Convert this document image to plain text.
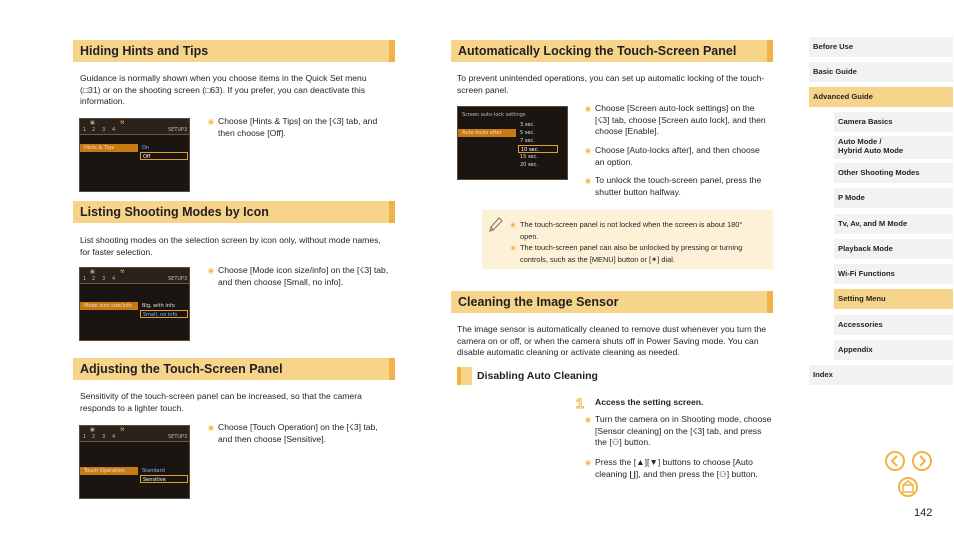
Hiding Hints and Tips
Guidance is normally shown when you choose items in the Quick Set menu (□31) or on the shooting screen (□63). If you prefer, you can deactivate this information.
▣	⚒
1 2 3 4	SETUP3
Hints & Tips	On
Off
Choose [Hints & Tips] on the [☇3] tab, and then choose [Off].
Listing Shooting Modes by Icon
List shooting modes on the selection screen by icon only, without mode names, for faster selection.
▣	⚒
1 2 3 4	SETUP3
Mode icon size/info	Big, with info
Small, no info
Choose [Mode icon size/info] on the [☇3] tab, and then choose [Small, no info].
Adjusting the Touch-Screen Panel
Sensitivity of the touch-screen panel can be increased, so that the camera responds to a lighter touch.
▣	⚒
1 2 3 4	SETUP3
Touch Operation	Standard
Sensitive
Choose [Touch Operation] on the [☇3] tab, and then choose [Sensitive].
Automatically Locking the Touch-Screen Panel
To prevent unintended operations, you can set up automatic locking of the touch-screen panel.
Screen auto-lock settings
Auto-locks after
3 sec.
5 sec.
7 sec.
10 sec.
15 sec.
20 sec.
Choose [Screen auto-lock settings] on the [☇3] tab, choose [Screen auto lock], and then choose [Enable].
Choose [Auto-locks after], and then choose an option.
To unlock the touch-screen panel, press the shutter button halfway.
The touch-screen panel is not locked when the screen is about 180° open.
The touch-screen panel can also be unlocked by pressing or turning controls, such as the [MENU] button or [✶] dial.
Cleaning the Image Sensor
The image sensor is automatically cleaned to remove dust whenever you turn the camera on or off, or when the camera shuts off in Power Saving mode. You can disable automatic cleaning or activate cleaning as needed.
Disabling Auto Cleaning
1 Access the setting screen.
Turn the camera on in Shooting mode, choose [Sensor cleaning] on the [☇3] tab, and press the [⚇] button.
Press the [▲][▼] buttons to choose [Auto cleaning ∐], and then press the [⚇] button.
Before Use
Basic Guide
Advanced Guide
Camera Basics
Auto Mode /
Hybrid Auto Mode
Other Shooting Modes
P Mode
Tv, Av, and M Mode
Playback Mode
Wi-Fi Functions
Setting Menu
Accessories
Appendix
Index
142
